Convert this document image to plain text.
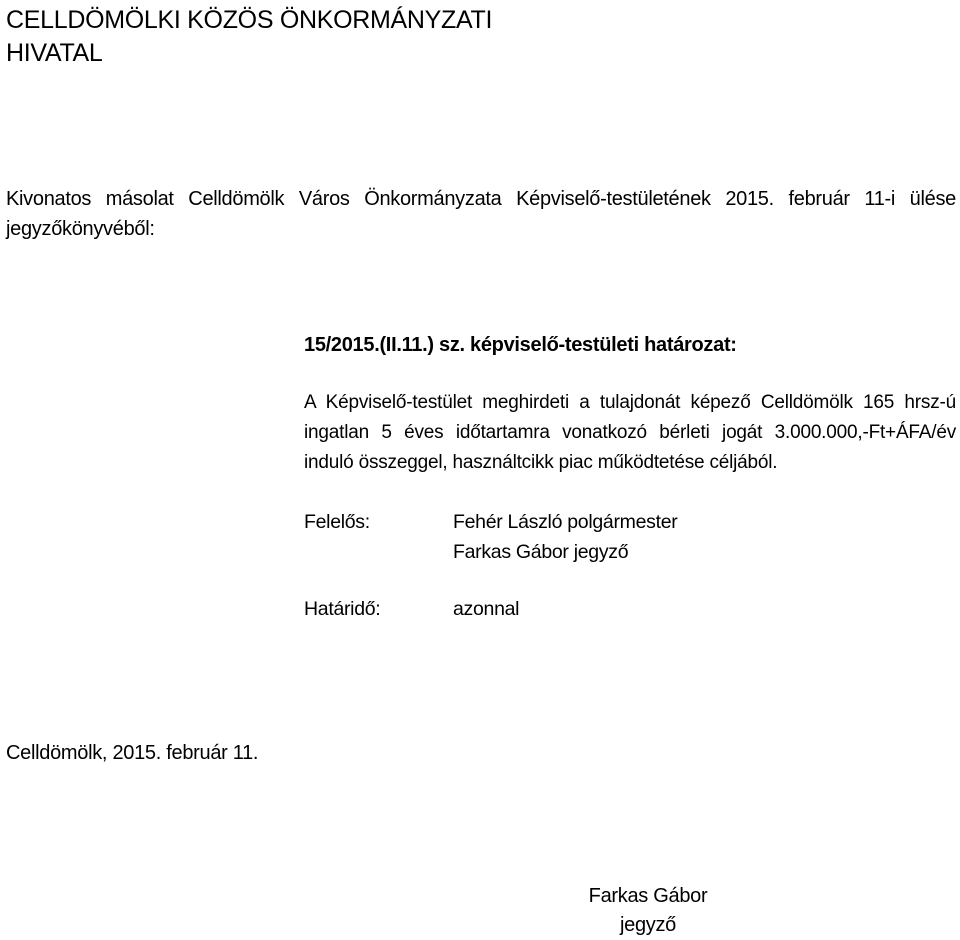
CELLDÖMÖLKI KÖZÖS ÖNKORMÁNYZATI
HIVATAL

Kivonatos másolat Celldömölk Város Önkormányzata Képviselő-testületének 2015. február 11-i ülése jegyzőkönyvéből:

15/2015.(II.11.) sz. képviselő-testületi határozat:

A Képviselő-testület meghirdeti a tulajdonát képező Celldömölk 165 hrsz-ú ingatlan 5 éves időtartamra vonatkozó bérleti jogát 3.000.000,-Ft+ÁFA/év induló összeggel, használtcikk piac működtetése céljából.

Felelős:	Fehér László polgármester
Farkas Gábor jegyző
Határidő:	azonnal
Celldömölk, 2015. február 11.
Farkas Gábor
jegyző
